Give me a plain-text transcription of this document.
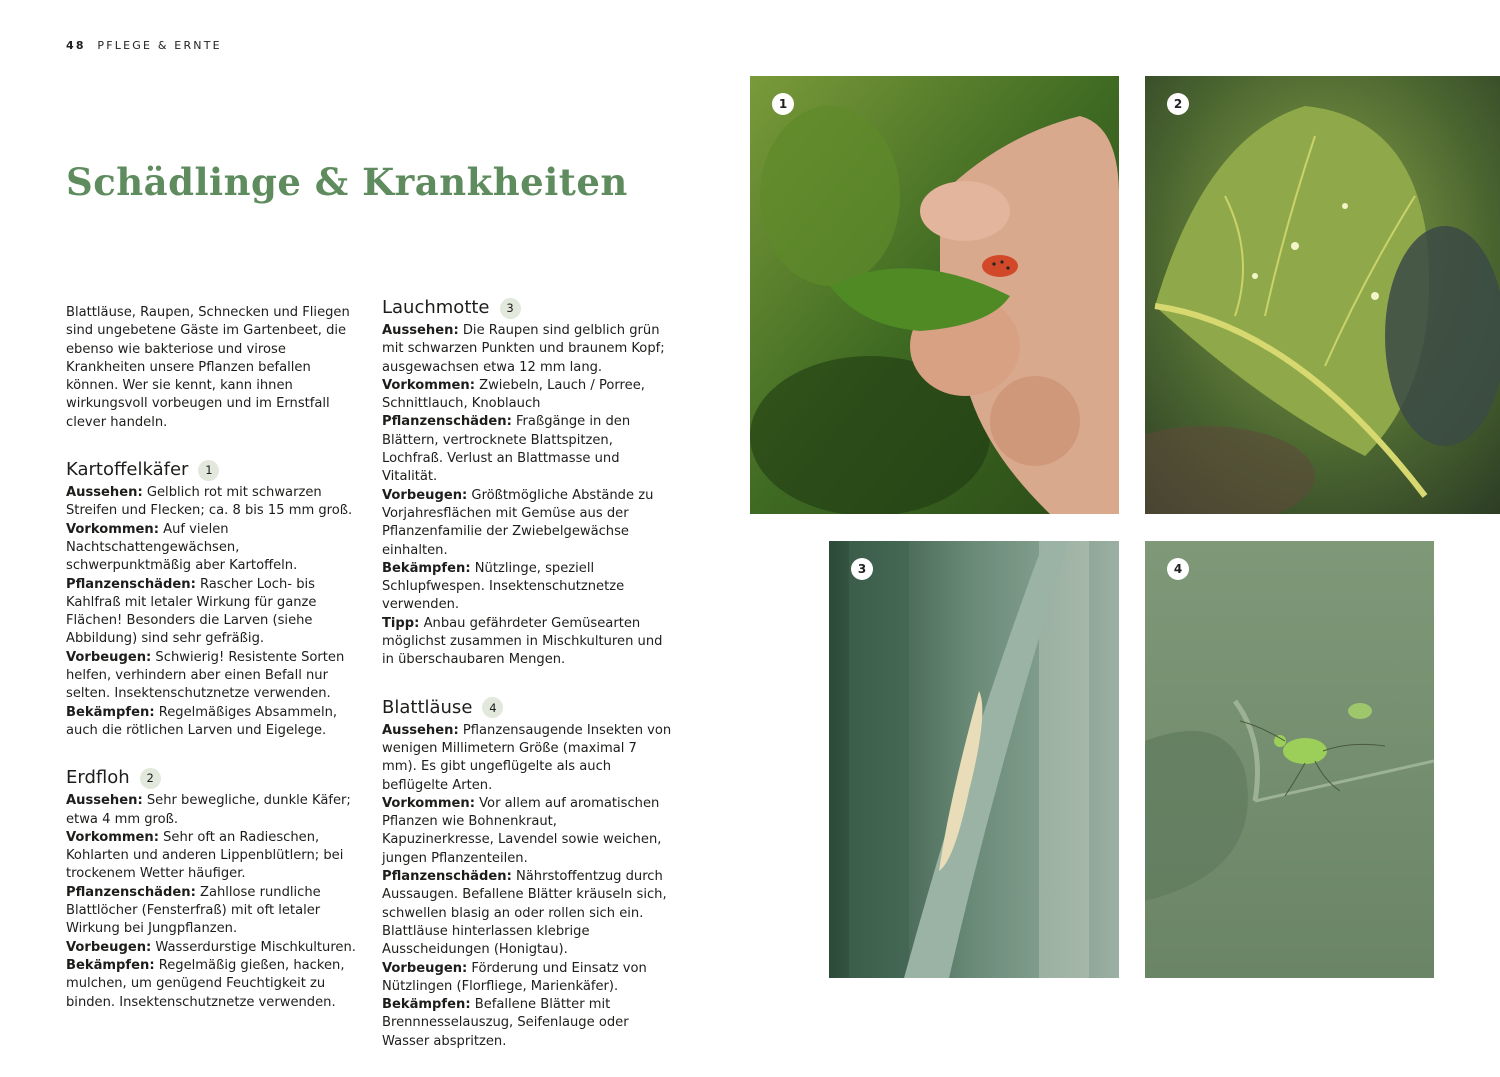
48 PFLEGE & ERNTE
Schädlinge & Krankheiten

Blattläuse, Raupen, Schnecken und Fliegen sind ungebetene Gäste im Gartenbeet, die ebenso wie bakteriose und virose Krankheiten unsere Pflanzen befallen können. Wer sie kennt, kann ihnen wirkungsvoll vorbeugen und im Ernstfall clever handeln.

Kartoffelkäfer	1

Aussehen: Gelblich rot mit schwarzen Streifen und Flecken; ca. 8 bis 15 mm groß.

Vorkommen: Auf vielen Nachtschattengewächsen, schwerpunktmäßig aber Kartoffeln.

Pflanzenschäden: Rascher Loch- bis Kahlfraß mit letaler Wirkung für ganze Flächen! Besonders die Larven (siehe Abbildung) sind sehr gefräßig.

Vorbeugen: Schwierig! Resistente Sorten helfen, verhindern aber einen Befall nur selten. Insektenschutznetze verwenden.

Bekämpfen: Regelmäßiges Absammeln, auch die rötlichen Larven und Eigelege.

Erdfloh	2

Aussehen: Sehr bewegliche, dunkle Käfer; etwa 4 mm groß.

Vorkommen: Sehr oft an Radieschen, Kohlarten und anderen Lippenblütlern; bei trockenem Wetter häufiger.

Pflanzenschäden: Zahllose rundliche Blattlöcher (Fensterfraß) mit oft letaler Wirkung bei Jungpflanzen.

Vorbeugen: Wasserdurstige Mischkulturen.

Bekämpfen: Regelmäßig gießen, hacken, mulchen, um genügend Feuchtigkeit zu binden. Insektenschutznetze verwenden.

Lauchmotte	3

Aussehen: Die Raupen sind gelblich grün mit schwarzen Punkten und braunem Kopf; ausgewachsen etwa 12 mm lang.

Vorkommen: Zwiebeln, Lauch / Porree, Schnittlauch, Knoblauch

Pflanzenschäden: Fraßgänge in den Blättern, vertrocknete Blattspitzen, Lochfraß. Verlust an Blattmasse und Vitalität.

Vorbeugen: Größtmögliche Abstände zu Vorjahresflächen mit Gemüse aus der Pflanzenfamilie der Zwiebelgewächse einhalten.

Bekämpfen: Nützlinge, speziell Schlupfwespen. Insektenschutznetze verwenden.

Tipp: Anbau gefährdeter Gemüsearten möglichst zusammen in Mischkulturen und in überschaubaren Mengen.

Blattläuse	4

Aussehen: Pflanzensaugende Insekten von wenigen Millimetern Größe (maximal 7 mm). Es gibt ungeflügelte als auch beflügelte Arten.

Vorkommen: Vor allem auf aromatischen Pflanzen wie Bohnenkraut, Kapuzinerkresse, Lavendel sowie weichen, jungen Pflanzenteilen.

Pflanzenschäden: Nährstoffentzug durch Aussaugen. Befallene Blätter kräuseln sich, schwellen blasig an oder rollen sich ein. Blattläuse hinterlassen klebrige Ausscheidungen (Honigtau).

Vorbeugen: Förderung und Einsatz von Nützlingen (Florfliege, Marienkäfer).

Bekämpfen: Befallene Blätter mit Brennnesselauszug, Seifenlauge oder Wasser abspritzen.

1	2
3	4
